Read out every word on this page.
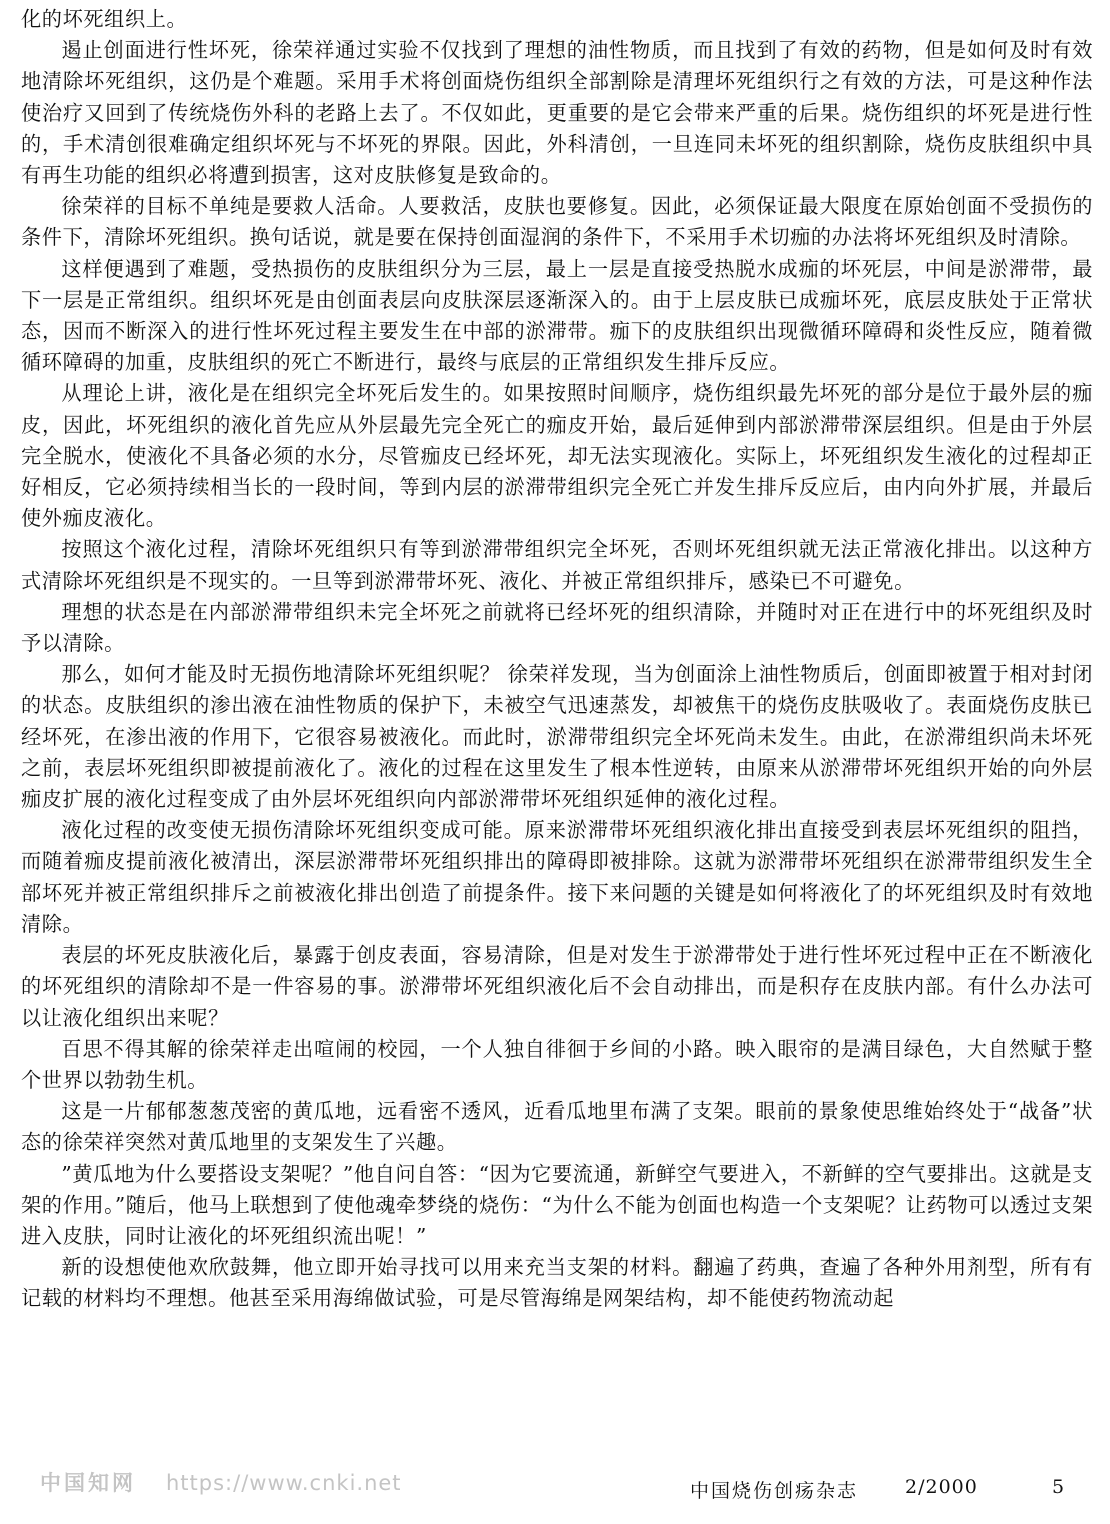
化的坏死组织上。

遏止创面进行性坏死，徐荣祥通过实验不仅找到了理想的油性物质，而且找到了有效的药物，但是如何及时有效地清除坏死组织，这仍是个难题。采用手术将创面烧伤组织全部割除是清理坏死组织行之有效的方法，可是这种作法使治疗又回到了传统烧伤外科的老路上去了。不仅如此，更重要的是它会带来严重的后果。烧伤组织的坏死是进行性的，手术清创很难确定组织坏死与不坏死的界限。因此，外科清创，一旦连同未坏死的组织割除，烧伤皮肤组织中具有再生功能的组织必将遭到损害，这对皮肤修复是致命的。

徐荣祥的目标不单纯是要救人活命。人要救活，皮肤也要修复。因此，必须保证最大限度在原始创面不受损伤的条件下，清除坏死组织。换句话说，就是要在保持创面湿润的条件下，不采用手术切痂的办法将坏死组织及时清除。

这样便遇到了难题，受热损伤的皮肤组织分为三层，最上一层是直接受热脱水成痂的坏死层，中间是淤滞带，最下一层是正常组织。组织坏死是由创面表层向皮肤深层逐渐深入的。由于上层皮肤已成痂坏死，底层皮肤处于正常状态，因而不断深入的进行性坏死过程主要发生在中部的淤滞带。痂下的皮肤组织出现微循环障碍和炎性反应，随着微循环障碍的加重，皮肤组织的死亡不断进行，最终与底层的正常组织发生排斥反应。

从理论上讲，液化是在组织完全坏死后发生的。如果按照时间顺序，烧伤组织最先坏死的部分是位于最外层的痂皮，因此，坏死组织的液化首先应从外层最先完全死亡的痂皮开始，最后延伸到内部淤滞带深层组织。但是由于外层完全脱水，使液化不具备必须的水分，尽管痂皮已经坏死，却无法实现液化。实际上，坏死组织发生液化的过程却正好相反，它必须持续相当长的一段时间，等到内层的淤滞带组织完全死亡并发生排斥反应后，由内向外扩展，并最后使外痂皮液化。

按照这个液化过程，清除坏死组织只有等到淤滞带组织完全坏死，否则坏死组织就无法正常液化排出。以这种方式清除坏死组织是不现实的。一旦等到淤滞带坏死、液化、并被正常组织排斥，感染已不可避免。

理想的状态是在内部淤滞带组织未完全坏死之前就将已经坏死的组织清除，并随时对正在进行中的坏死组织及时予以清除。

那么，如何才能及时无损伤地清除坏死组织呢？ 徐荣祥发现，当为创面涂上油性物质后，创面即被置于相对封闭的状态。皮肤组织的渗出液在油性物质的保护下，未被空气迅速蒸发，却被焦干的烧伤皮肤吸收了。表面烧伤皮肤已经坏死，在渗出液的作用下，它很容易被液化。而此时，淤滞带组织完全坏死尚未发生。由此，在淤滞组织尚未坏死之前，表层坏死组织即被提前液化了。液化的过程在这里发生了根本性逆转，由原来从淤滞带坏死组织开始的向外层痂皮扩展的液化过程变成了由外层坏死组织向内部淤滞带坏死组织延伸的液化过程。

液化过程的改变使无损伤清除坏死组织变成可能。原来淤滞带坏死组织液化排出直接受到表层坏死组织的阻挡，而随着痂皮提前液化被清出，深层淤滞带坏死组织排出的障碍即被排除。这就为淤滞带坏死组织在淤滞带组织发生全部坏死并被正常组织排斥之前被液化排出创造了前提条件。接下来问题的关键是如何将液化了的坏死组织及时有效地清除。

表层的坏死皮肤液化后，暴露于创皮表面，容易清除，但是对发生于淤滞带处于进行性坏死过程中正在不断液化的坏死组织的清除却不是一件容易的事。淤滞带坏死组织液化后不会自动排出，而是积存在皮肤内部。有什么办法可以让液化组织出来呢？

百思不得其解的徐荣祥走出喧闹的校园，一个人独自徘徊于乡间的小路。映入眼帘的是满目绿色，大自然赋于整个世界以勃勃生机。

这是一片郁郁葱葱茂密的黄瓜地，远看密不透风，近看瓜地里布满了支架。眼前的景象使思维始终处于“战备”状态的徐荣祥突然对黄瓜地里的支架发生了兴趣。

”黄瓜地为什么要搭设支架呢？”他自问自答：“因为它要流通，新鲜空气要进入，不新鲜的空气要排出。这就是支架的作用。”随后，他马上联想到了使他魂牵梦绕的烧伤：“为什么不能为创面也构造一个支架呢？让药物可以透过支架进入皮肤，同时让液化的坏死组织流出呢！”

新的设想使他欢欣鼓舞，他立即开始寻找可以用来充当支架的材料。翻遍了药典，查遍了各种外用剂型，所有有记载的材料均不理想。他甚至采用海绵做试验，可是尽管海绵是网架结构，却不能使药物流动起

中国知网 https://www.cnki.net	中国烧伤创疡杂志 2/2000	5
